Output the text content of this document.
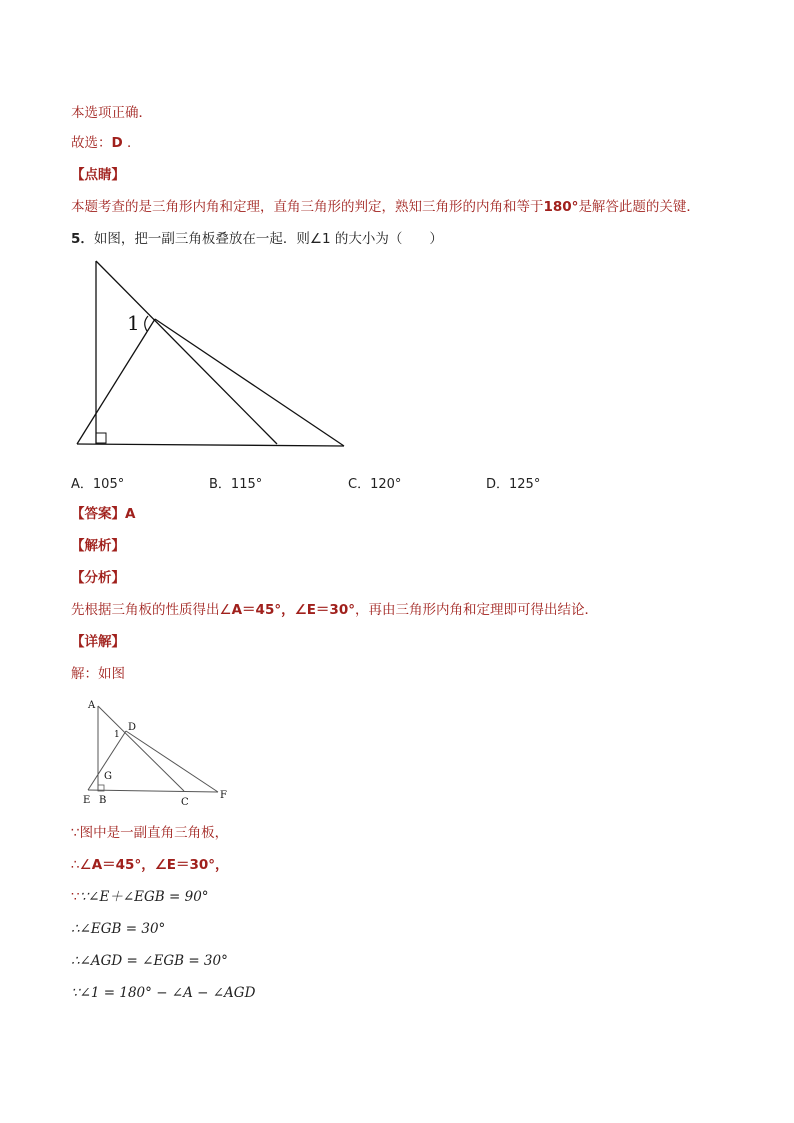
本选项正确．
故选：D ．
【点睛】
本题考查的是三角形内角和定理，直角三角形的判定，熟知三角形的内角和等于180°是解答此题的关键．
5．如图，把一副三角板叠放在一起．则∠1 的大小为（　　）
1
A．105°	B．115°	C．120°	D．125°
【答案】A
【解析】
【分析】
先根据三角板的性质得出∠A＝45°，∠E＝30°，再由三角形内角和定理即可得出结论．
【详解】
解：如图
A
D
1
G
E B	C
F
∵图中是一副直角三角板，
∴∠A＝45°，∠E＝30°，
∵∵∠E＋∠EGB = 90°
∴∠EGB = 30°
∴∠AGD = ∠EGB = 30°
∵∠1 = 180° − ∠A − ∠AGD
